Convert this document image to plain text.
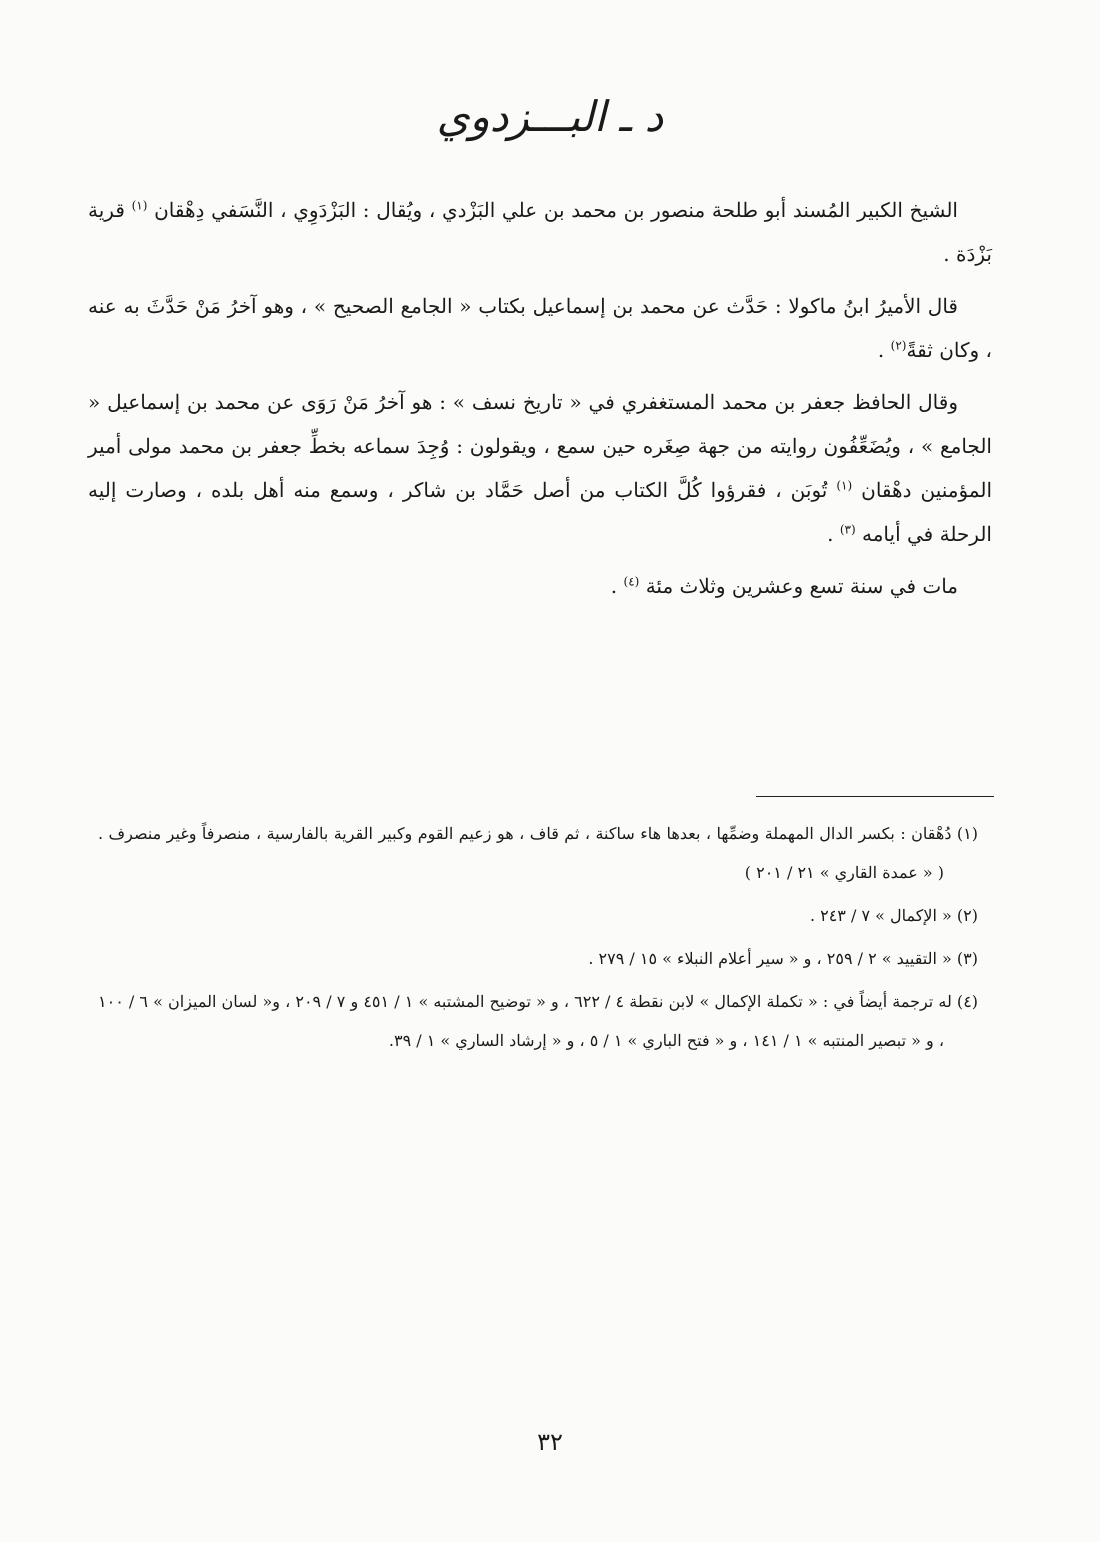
د ـ البـــزدوي

الشيخ الكبير المُسند أبو طلحة منصور بن محمد بن علي البَزْدي ، ويُقال : البَزْدَوِي ، النَّسَفي دِهْقان $^{(١)}$ قرية بَزْدَة .

قال الأميرُ ابنُ ماكولا : حَدَّث عن محمد بن إسماعيل بكتاب « الجامع الصحيح » ، وهو آخرُ مَنْ حَدَّثَ به عنه ، وكان ثقةً$^{(٢)}$ .

وقال الحافظ جعفر بن محمد المستغفري في « تاريخ نسف » : هو آخرُ مَنْ رَوَى عن محمد بن إسماعيل « الجامع » ، ويُضَعِّفُون روايته من جهة صِغَره حين سمع ، ويقولون : وُجِدَ سماعه بخطِّ جعفر بن محمد مولى أمير المؤمنين دهْقان $^{(١)}$ تُوبَن ، فقرؤوا كُلَّ الكتاب من أصل حَمَّاد بن شاكر ، وسمع منه أهل بلده ، وصارت إليه الرحلة في أيامه $^{(٣)}$ .

مات في سنة تسع وعشرين وثلاث مئة $^{(٤)}$ .

(١) دُهْقان : بكسر الدال المهملة وضمِّها ، بعدها هاء ساكنة ، ثم قاف ، هو زعيم القوم وكبير القرية بالفارسية ، منصرفاً وغير منصرف . ( « عمدة القاري » ٢١ / ٢٠١ )

(٢) « الإكمال » ٧ / ٢٤٣ .

(٣) « التقييد » ٢ / ٢٥٩ ، و « سير أعلام النبلاء » ١٥ / ٢٧٩ .

(٤) له ترجمة أيضاً في : « تكملة الإكمال » لابن نقطة ٤ / ٦٢٢ ، و « توضيح المشتبه » ١ / ٤٥١ و ٧ / ٢٠٩ ، و« لسان الميزان » ٦ / ١٠٠ ، و « تبصير المنتبه » ١ / ١٤١ ، و « فتح الباري » ١ / ٥ ، و « إرشاد الساري » ١ / ٣٩.

٣٢
